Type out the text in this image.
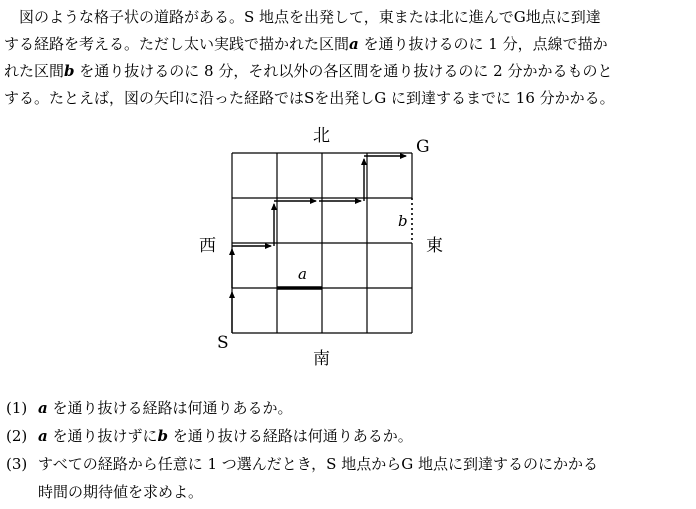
　図のような格子状の道路がある。S 地点を出発して，東または北に進んでG地点に到達

する経路を考える。ただし太い実践で描かれた区間a を通り抜けるのに 1 分，点線で描か

れた区間b を通り抜けるのに 8 分，それ以外の各区間を通り抜けるのに 2 分かかるものと

する。たとえば，図の矢印に沿った経路ではSを出発しG に到達するまでに 16 分かかる。

a
b
北
南
西	東
S
G
(1) a を通り抜ける経路は何通りあるか。
(2) a を通り抜けずにb を通り抜ける経路は何通りあるか。
(3) すべての経路から任意に 1 つ選んだとき，S 地点からG 地点に到達するのにかかる
時間の期待値を求めよ。
